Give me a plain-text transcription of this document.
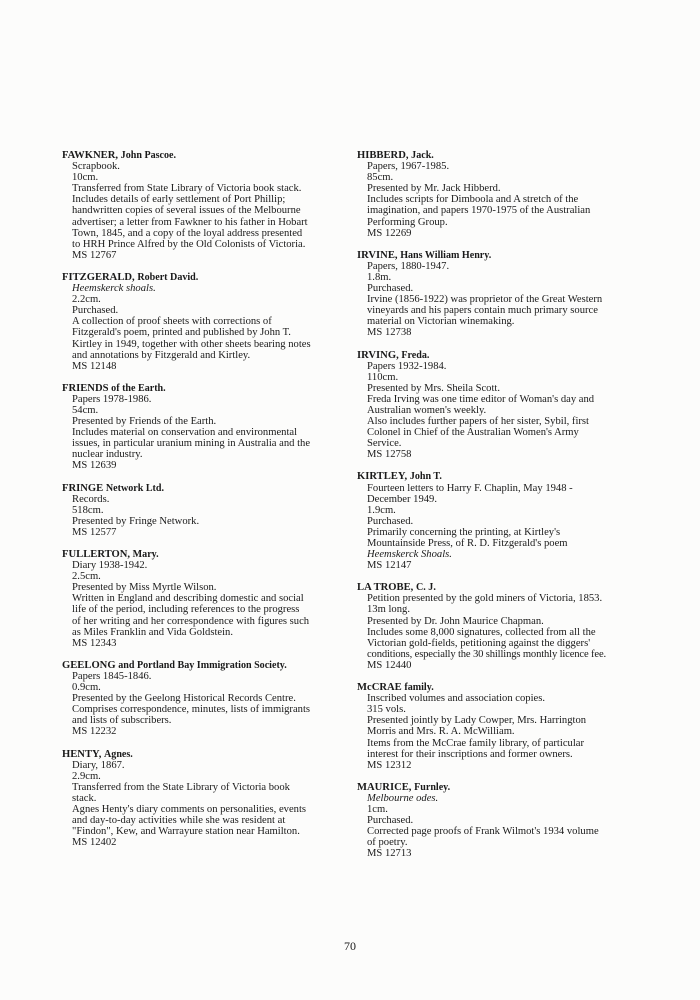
FAWKNER, John Pascoe.
Scrapbook.
10cm.
Transferred from State Library of Victoria book stack.
Includes details of early settlement of Port Phillip;
handwritten copies of several issues of the Melbourne
advertiser; a letter from Fawkner to his father in Hobart
Town, 1845, and a copy of the loyal address presented
to HRH Prince Alfred by the Old Colonists of Victoria.
MS 12767
FITZGERALD, Robert David.
Heemskerck shoals.
2.2cm.
Purchased.
A collection of proof sheets with corrections of
Fitzgerald's poem, printed and published by John T.
Kirtley in 1949, together with other sheets bearing notes
and annotations by Fitzgerald and Kirtley.
MS 12148
FRIENDS of the Earth.
Papers 1978-1986.
54cm.
Presented by Friends of the Earth.
Includes material on conservation and environmental
issues, in particular uranium mining in Australia and the
nuclear industry.
MS 12639
FRINGE Network Ltd.
Records.
518cm.
Presented by Fringe Network.
MS 12577
FULLERTON, Mary.
Diary 1938-1942.
2.5cm.
Presented by Miss Myrtle Wilson.
Written in England and describing domestic and social
life of the period, including references to the progress
of her writing and her correspondence with figures such
as Miles Franklin and Vida Goldstein.
MS 12343
GEELONG and Portland Bay Immigration Society.
Papers 1845-1846.
0.9cm.
Presented by the Geelong Historical Records Centre.
Comprises correspondence, minutes, lists of immigrants
and lists of subscribers.
MS 12232
HENTY, Agnes.
Diary, 1867.
2.9cm.
Transferred from the State Library of Victoria book
stack.
Agnes Henty's diary comments on personalities, events
and day-to-day activities while she was resident at
"Findon", Kew, and Warrayure station near Hamilton.
MS 12402
HIBBERD, Jack.
Papers, 1967-1985.
85cm.
Presented by Mr. Jack Hibberd.
Includes scripts for Dimboola and A stretch of the
imagination, and papers 1970-1975 of the Australian
Performing Group.
MS 12269
IRVINE, Hans William Henry.
Papers, 1880-1947.
1.8m.
Purchased.
Irvine (1856-1922) was proprietor of the Great Western
vineyards and his papers contain much primary source
material on Victorian winemaking.
MS 12738
IRVING, Freda.
Papers 1932-1984.
110cm.
Presented by Mrs. Sheila Scott.
Freda Irving was one time editor of Woman's day and
Australian women's weekly.
Also includes further papers of her sister, Sybil, first
Colonel in Chief of the Australian Women's Army
Service.
MS 12758
KIRTLEY, John T.
Fourteen letters to Harry F. Chaplin, May 1948 -
December 1949.
1.9cm.
Purchased.
Primarily concerning the printing, at Kirtley's
Mountainside Press, of R. D. Fitzgerald's poem
Heemskerck Shoals.
MS 12147
LA TROBE, C. J.
Petition presented by the gold miners of Victoria, 1853.
13m long.
Presented by Dr. John Maurice Chapman.
Includes some 8,000 signatures, collected from all the
Victorian gold-fields, petitioning against the diggers'
conditions, especially the 30 shillings monthly licence fee.
MS 12440
McCRAE family.
Inscribed volumes and association copies.
315 vols.
Presented jointly by Lady Cowper, Mrs. Harrington
Morris and Mrs. R. A. McWilliam.
Items from the McCrae family library, of particular
interest for their inscriptions and former owners.
MS 12312
MAURICE, Furnley.
Melbourne odes.
1cm.
Purchased.
Corrected page proofs of Frank Wilmot's 1934 volume
of poetry.
MS 12713
70
